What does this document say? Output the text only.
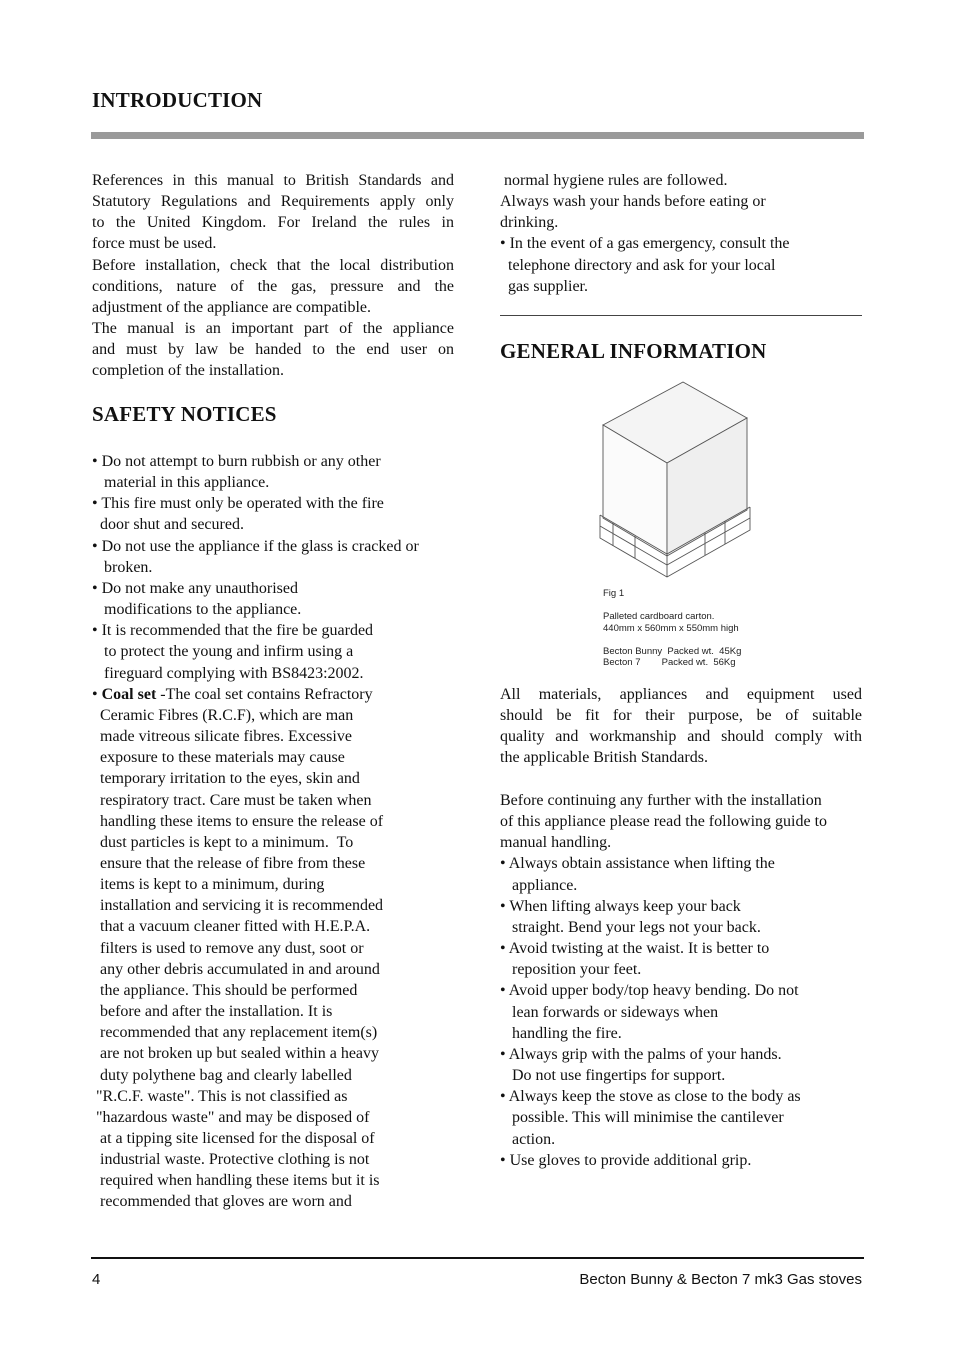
INTRODUCTION
References in this manual to British Standards and
Statutory Regulations and Requirements apply only
to the United Kingdom. For Ireland the rules in
force must be used.
Before installation, check that the local distribution
conditions, nature of the gas, pressure and the
adjustment of the appliance are compatible.
The manual is an important part of the appliance
and must by law be handed to the end user on
completion of the installation.
SAFETY NOTICES
• Do not attempt to burn rubbish or any other
material in this appliance.
• This fire must only be operated with the fire
door shut and secured.
• Do not use the appliance if the glass is cracked or
broken.
• Do not make any unauthorised
modifications to the appliance.
• It is recommended that the fire be guarded
to protect the young and infirm using a
fireguard complying with BS8423:2002.
• Coal set -The coal set contains Refractory
Ceramic Fibres (R.C.F), which are man
made vitreous silicate fibres. Excessive
exposure to these materials may cause
temporary irritation to the eyes, skin and
respiratory tract. Care must be taken when
handling these items to ensure the release of
dust particles is kept to a minimum.  To
ensure that the release of fibre from these
items is kept to a minimum, during
installation and servicing it is recommended
that a vacuum cleaner fitted with H.E.P.A.
filters is used to remove any dust, soot or
any other debris accumulated in and around
the appliance. This should be performed
before and after the installation. It is
recommended that any replacement item(s)
are not broken up but sealed within a heavy
duty polythene bag and clearly labelled
"R.C.F. waste". This is not classified as
"hazardous waste" and may be disposed of
at a tipping site licensed for the disposal of
industrial waste. Protective clothing is not
required when handling these items but it is
recommended that gloves are worn and
normal hygiene rules are followed.
Always wash your hands before eating or
drinking.
• In the event of a gas emergency, consult the
telephone directory and ask for your local
gas supplier.
GENERAL INFORMATION
Fig 1
Palleted cardboard carton.
440mm x 560mm x 550mm high
Becton Bunny  Packed wt.  45Kg
Becton 7        Packed wt.  56Kg
All materials, appliances and equipment used
should be fit for their purpose, be of suitable
quality and workmanship and should comply with
the applicable British Standards.
Before continuing any further with the installation
of this appliance please read the following guide to
manual handling.
• Always obtain assistance when lifting the
appliance.
• When lifting always keep your back
straight. Bend your legs not your back.
• Avoid twisting at the waist. It is better to
reposition your feet.
• Avoid upper body/top heavy bending. Do not
lean forwards or sideways when
handling the fire.
• Always grip with the palms of your hands.
Do not use fingertips for support.
• Always keep the stove as close to the body as
possible. This will minimise the cantilever
action.
• Use gloves to provide additional grip.
4	Becton Bunny & Becton 7 mk3 Gas stoves
